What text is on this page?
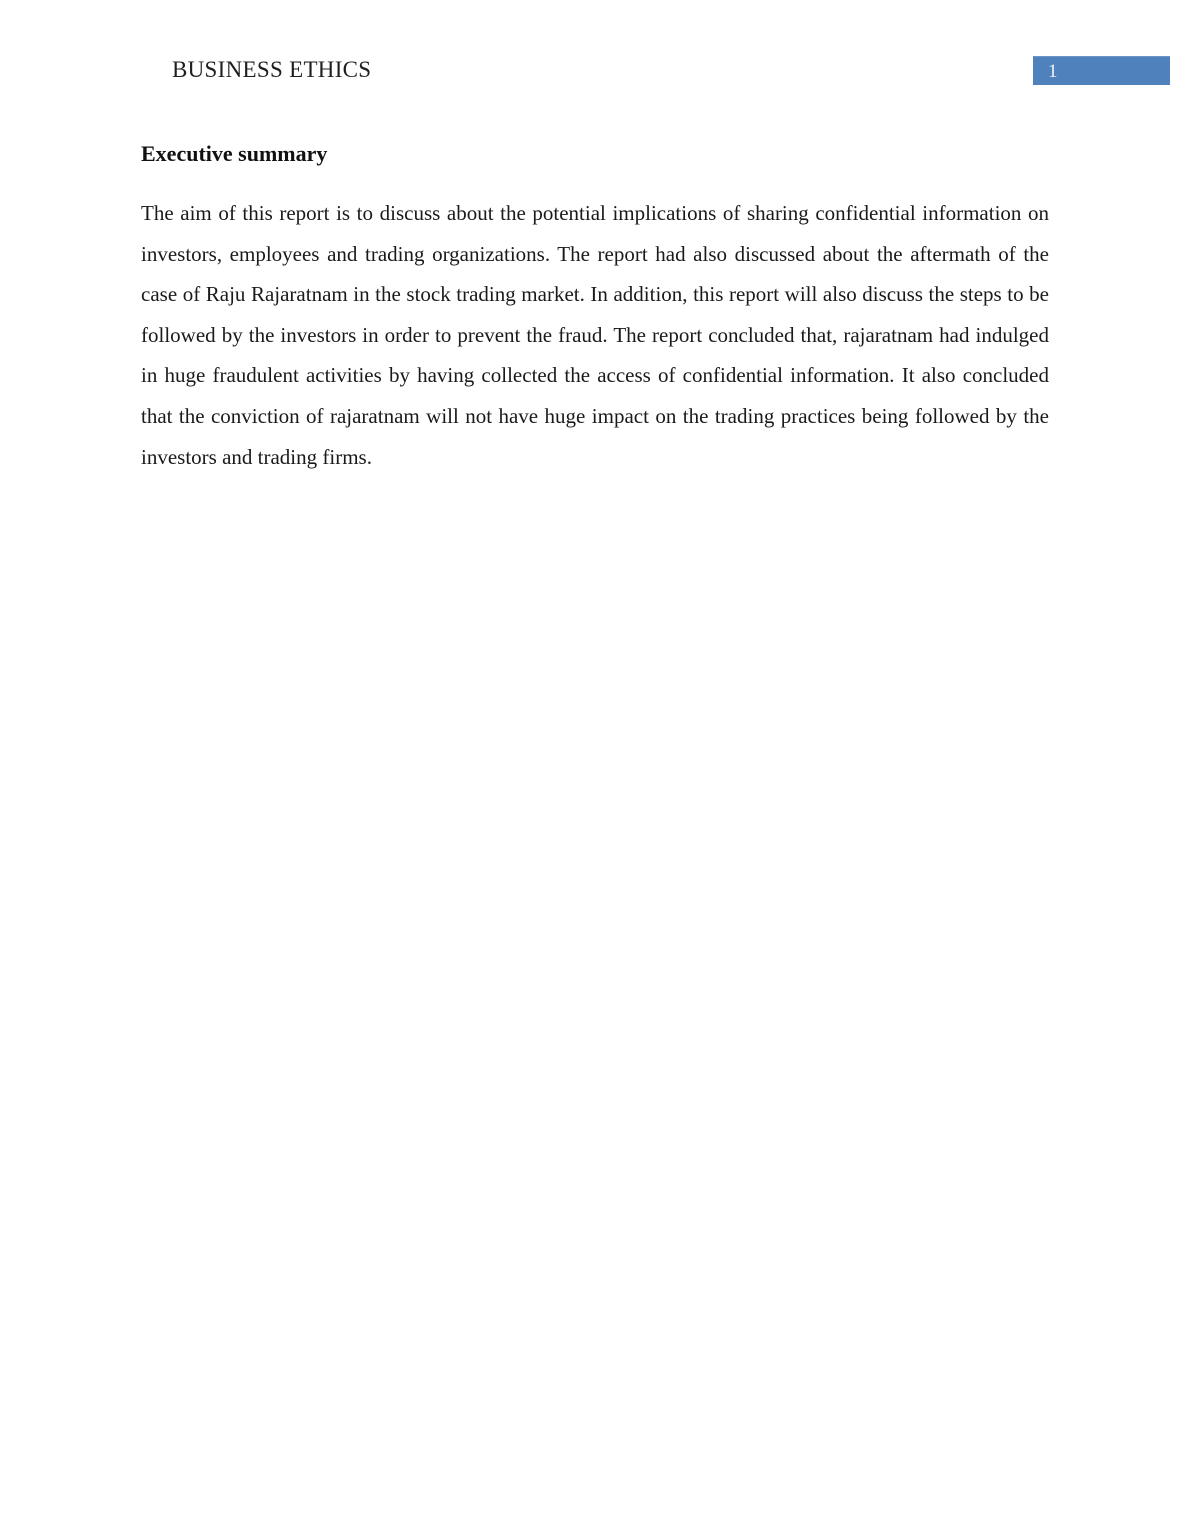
BUSINESS ETHICS	1
Executive summary

The aim of this report is to discuss about the potential implications of sharing confidential information on investors, employees and trading organizations. The report had also discussed about the aftermath of the case of Raju Rajaratnam in the stock trading market. In addition, this report will also discuss the steps to be followed by the investors in order to prevent the fraud. The report concluded that, rajaratnam had indulged in huge fraudulent activities by having collected the access of confidential information. It also concluded that the conviction of rajaratnam will not have huge impact on the trading practices being followed by the investors and trading firms.
